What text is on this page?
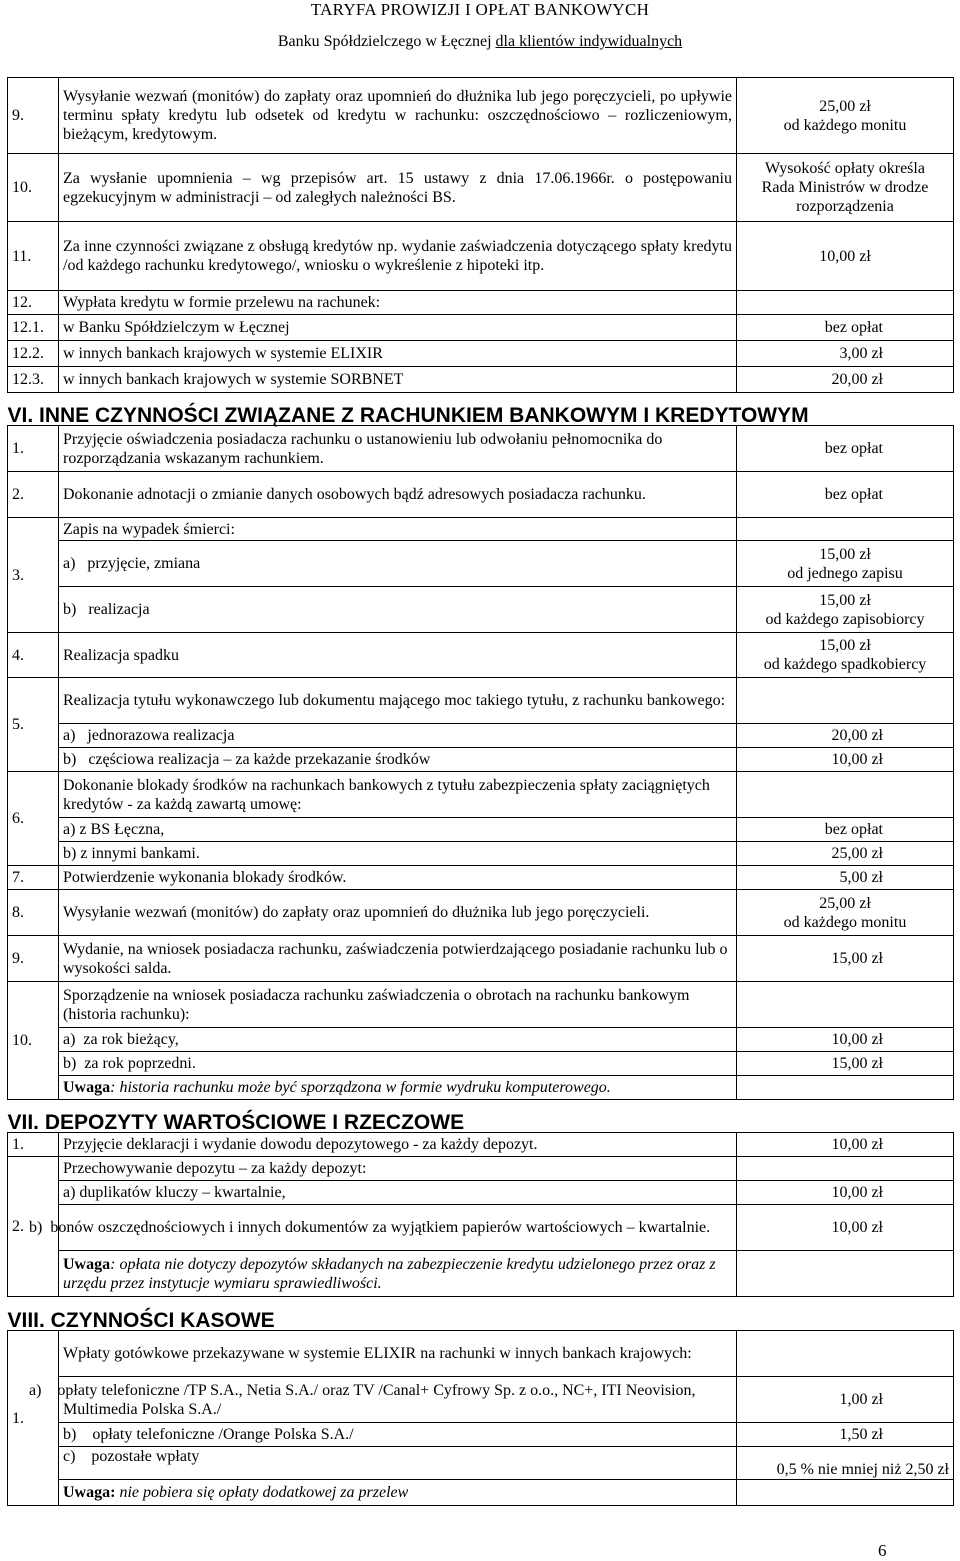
TARYFA PROWIZJI I OPŁAT BANKOWYCH
Banku Spółdzielczego w Łęcznej dla klientów indywidualnych
9.	Wysyłanie wezwań (monitów) do zapłaty oraz upomnień do dłużnika lub jego poręczycieli, po upływie terminu spłaty kredytu lub odsetek od kredytu w rachunku: oszczędnościowo – rozliczeniowym, bieżącym, kredytowym.	25,00 zł
od każdego monitu

10.	Za wysłanie upomnienia – wg przepisów art. 15 ustawy z dnia 17.06.1966r. o postępowaniu egzekucyjnym w administracji – od zaległych należności BS.	Wysokość opłaty określa
Rada Ministrów w drodze
rozporządzenia

11.	Za inne czynności związane z obsługą kredytów np. wydanie zaświadczenia dotyczącego spłaty kredytu /od każdego rachunku kredytowego/, wniosku o wykreślenie z hipoteki itp.	10,00 zł
12.	Wypłata kredytu w formie przelewu na rachunek:	
12.1.	w Banku Spółdzielczym w Łęcznej	bez opłat
12.2.	w innych bankach krajowych w systemie ELIXIR	3,00 zł
12.3.	w innych bankach krajowych w systemie SORBNET	20,00 zł
VI. INNE CZYNNOŚCI ZWIĄZANE Z RACHUNKIEM BANKOWYM I KREDYTOWYM		
1.	Przyjęcie oświadczenia posiadacza rachunku o ustanowieniu lub odwołaniu pełnomocnika do rozporządzania wskazanym rachunkiem.	bez opłat
2.	Dokonanie adnotacji o zmianie danych osobowych bądź adresowych posiadacza rachunku.	bez opłat
3.	Zapis na wypadek śmierci:	
	a)   przyjęcie, zmiana	15,00 zł
od jednego zapisu

	b)   realizacja	15,00 zł
od każdego zapisobiorcy

4.	Realizacja spadku	15,00 zł
od każdego spadkobiercy

5.	Realizacja tytułu wykonawczego lub dokumentu mającego moc takiego tytułu, z rachunku bankowego:	
	a)   jednorazowa realizacja	20,00 zł
	b)   częściowa realizacja – za każde przekazanie środków	10,00 zł
6.	Dokonanie blokady środków na rachunkach bankowych z tytułu zabezpieczenia spłaty zaciągniętych kredytów - za każdą zawartą umowę:	
	a) z BS Łęczna,	bez opłat
	b) z innymi bankami.	25,00 zł
7.	Potwierdzenie wykonania blokady środków.	5,00 zł
8.	Wysyłanie wezwań (monitów) do zapłaty oraz upomnień do dłużnika lub jego poręczycieli.	25,00 zł
od każdego monitu

9.	Wydanie, na wniosek posiadacza rachunku, zaświadczenia potwierdzającego posiadanie rachunku lub o wysokości salda.	15,00 zł
10.	Sporządzenie na wniosek posiadacza rachunku zaświadczenia o obrotach na rachunku bankowym (historia rachunku):	
	a)  za rok bieżący,	10,00 zł
	b)  za rok poprzedni.	15,00 zł
	Uwaga: historia rachunku może być sporządzona w formie wydruku komputerowego.	
VII. DEPOZYTY WARTOŚCIOWE I RZECZOWE		
1.	Przyjęcie deklaracji i wydanie dowodu depozytowego - za każdy depozyt.	10,00 zł
2.	Przechowywanie depozytu – za każdy depozyt:	
	a) duplikatów kluczy – kwartalnie,	10,00 zł
	b)  bonów oszczędnościowych i innych dokumentów za wyjątkiem papierów wartościowych – kwartalnie.	10,00 zł
	Uwaga: opłata nie dotyczy depozytów składanych na zabezpieczenie kredytu udzielonego przez oraz z urzędu przez instytucje wymiaru sprawiedliwości.	
VIII. CZYNNOŚCI KASOWE		
1.	Wpłaty gotówkowe przekazywane w systemie ELIXIR na rachunki w innych bankach krajowych:	
	a)    opłaty telefoniczne /TP S.A., Netia S.A./ oraz TV /Canal+ Cyfrowy Sp. z o.o., NC+, ITI Neovision, Multimedia Polska S.A./	1,00 zł
	b)    opłaty telefoniczne /Orange Polska S.A./	1,50 zł
	c)    pozostałe wpłaty	0,5 % nie mniej niż 2,50 zł
	Uwaga: nie pobiera się opłaty dodatkowej za przelew	
6
